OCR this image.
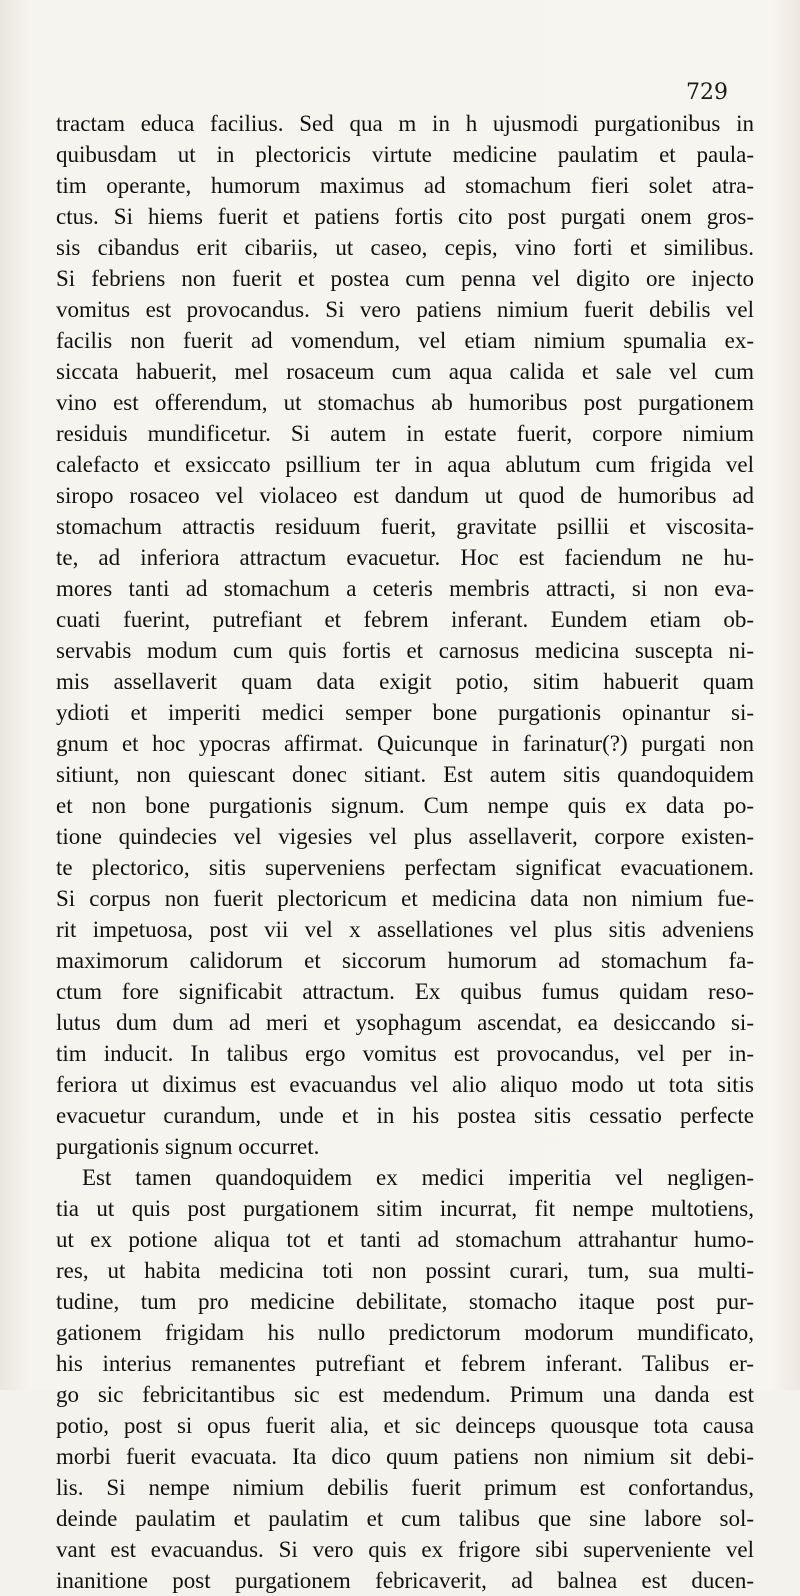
729
tractam educa facilius. Sed qua m in h ujusmodi purgationibus in
quibusdam ut in plectoricis virtute medicine paulatim et paula-
tim operante, humorum maximus ad stomachum fieri solet atra-
ctus. Si hiems fuerit et patiens fortis cito post purgati onem gros-
sis cibandus erit cibariis, ut caseo, cepis, vino forti et similibus.
Si febriens non fuerit et postea cum penna vel digito ore injecto
vomitus est provocandus. Si vero patiens nimium fuerit debilis vel
facilis non fuerit ad vomendum, vel etiam nimium spumalia ex-
siccata habuerit, mel rosaceum cum aqua calida et sale vel cum
vino est offerendum, ut stomachus ab humoribus post purgationem
residuis mundificetur. Si autem in estate fuerit, corpore nimium
calefacto et exsiccato psillium ter in aqua ablutum cum frigida vel
siropo rosaceo vel violaceo est dandum ut quod de humoribus ad
stomachum attractis residuum fuerit, gravitate psillii et viscosita-
te, ad inferiora attractum evacuetur. Hoc est faciendum ne hu-
mores tanti ad stomachum a ceteris membris attracti, si non eva-
cuati fuerint, putrefiant et febrem inferant. Eundem etiam ob-
servabis modum cum quis fortis et carnosus medicina suscepta ni-
mis assellaverit quam data exigit potio, sitim habuerit quam
ydioti et imperiti medici semper bone purgationis opinantur si-
gnum et hoc ypocras affirmat. Quicunque in farinatur(?) purgati non
sitiunt, non quiescant donec sitiant. Est autem sitis quandoquidem
et non bone purgationis signum. Cum nempe quis ex data po-
tione quindecies vel vigesies vel plus assellaverit, corpore existen-
te plectorico, sitis superveniens perfectam significat evacuationem.
Si corpus non fuerit plectoricum et medicina data non nimium fue-
rit impetuosa, post vii vel x assellationes vel plus sitis adveniens
maximorum calidorum et siccorum humorum ad stomachum fa-
ctum fore significabit attractum. Ex quibus fumus quidam reso-
lutus dum dum ad meri et ysophagum ascendat, ea desiccando si-
tim inducit. In talibus ergo vomitus est provocandus, vel per in-
feriora ut diximus est evacuandus vel alio aliquo modo ut tota sitis
evacuetur curandum, unde et in his postea sitis cessatio perfecte
purgationis signum occurret.
Est tamen quandoquidem ex medici imperitia vel negligen-
tia ut quis post purgationem sitim incurrat, fit nempe multotiens,
ut ex potione aliqua tot et tanti ad stomachum attrahantur humo-
res, ut habita medicina toti non possint curari, tum, sua multi-
tudine, tum pro medicine debilitate, stomacho itaque post pur-
gationem frigidam his nullo predictorum modorum mundificato,
his interius remanentes putrefiant et febrem inferant. Talibus er-
go sic febricitantibus sic est medendum. Primum una danda est
potio, post si opus fuerit alia, et sic deinceps quousque tota causa
morbi fuerit evacuata. Ita dico quum patiens non nimium sit debi-
lis. Si nempe nimium debilis fuerit primum est confortandus,
deinde paulatim et paulatim et cum talibus que sine labore sol-
vant est evacuandus. Si vero quis ex frigore sibi superveniente vel
inanitione post purgationem febricaverit, ad balnea est ducen-
